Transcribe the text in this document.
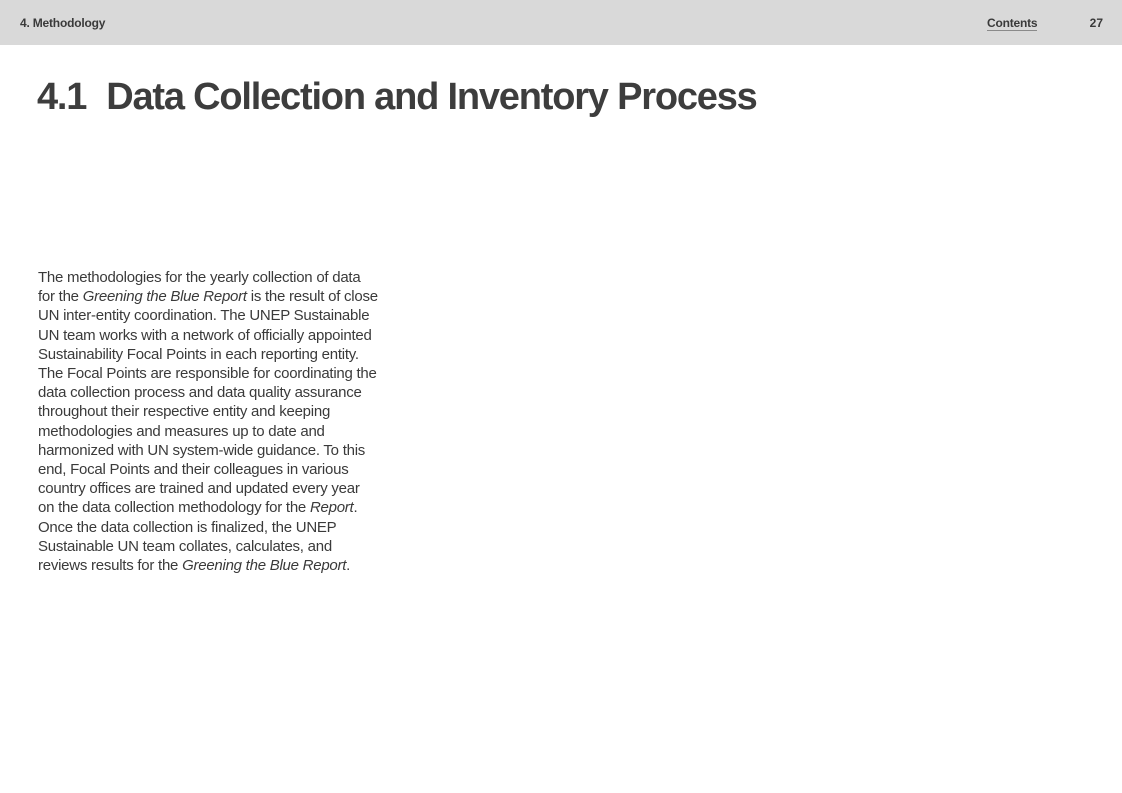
4. Methodology	Contents	27
4.1 Data Collection and Inventory Process

The methodologies for the yearly collection of data for the Greening the Blue Report is the result of close UN inter-entity coordination. The UNEP Sustainable UN team works with a network of officially appointed Sustainability Focal Points in each reporting entity. The Focal Points are responsible for coordinating the data collection process and data quality assurance throughout their respective entity and keeping methodologies and measures up to date and harmonized with UN system-wide guidance. To this end, Focal Points and their colleagues in various country offices are trained and updated every year on the data collection methodology for the Report. Once the data collection is finalized, the UNEP Sustainable UN team collates, calculates, and reviews results for the Greening the Blue Report.
